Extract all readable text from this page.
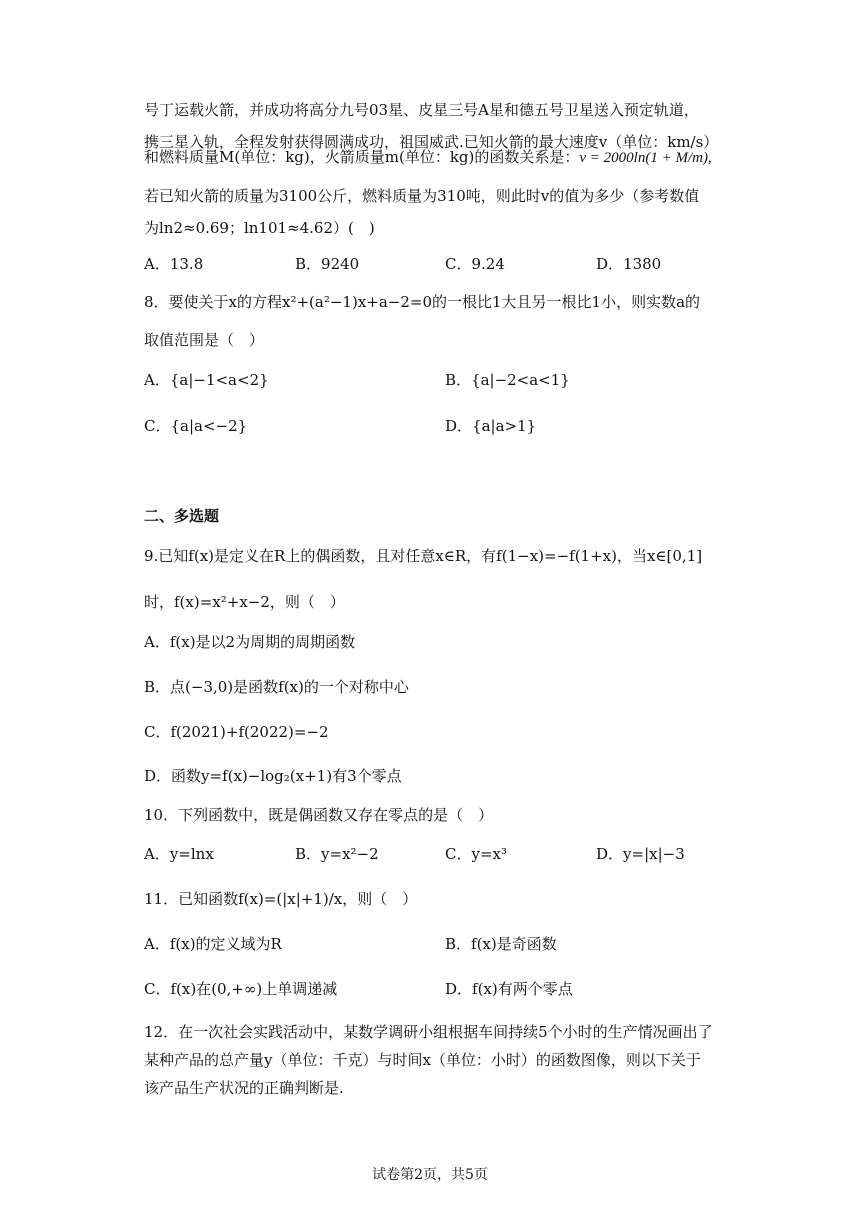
号丁运载火箭，并成功将高分九号03星、皮星三号A星和德五号卫星送入预定轨道，
携三星入轨，全程发射获得圆满成功，祖国威武.已知火箭的最大速度v（单位：km/s）
和燃料质量M(单位：kg)，火箭质量m(单位：kg)的函数关系是：v = 2000ln(1 + M/m),
若已知火箭的质量为3100公斤，燃料质量为310吨，则此时v的值为多少（参考数值
为ln2≈0.69；ln101≈4.62）(　)
A．13.8	B．9240	C．9.24	D．1380
8．要使关于x的方程x²+(a²−1)x+a−2=0的一根比1大且另一根比1小，则实数a的
取值范围是（　）
A．{a|−1<a<2}	B．{a|−2<a<1}
C．{a|a<−2}	D．{a|a>1}
二、多选题
9.已知f(x)是定义在R上的偶函数，且对任意x∈R，有f(1−x)=−f(1+x)，当x∈[0,1]
时，f(x)=x²+x−2，则（　）
A．f(x)是以2为周期的周期函数
B．点(−3,0)是函数f(x)的一个对称中心
C．f(2021)+f(2022)=−2
D．函数y=f(x)−log₂(x+1)有3个零点
10．下列函数中，既是偶函数又存在零点的是（　）
A．y=lnx	B．y=x²−2	C．y=x³	D．y=|x|−3
11．已知函数f(x)=(|x|+1)/x，则（　）
A．f(x)的定义域为R	B．f(x)是奇函数
C．f(x)在(0,+∞)上单调递减	D．f(x)有两个零点
12．在一次社会实践活动中，某数学调研小组根据车间持续5个小时的生产情况画出了
某种产品的总产量y（单位：千克）与时间x（单位：小时）的函数图像，则以下关于
该产品生产状况的正确判断是.
试卷第2页，共5页
